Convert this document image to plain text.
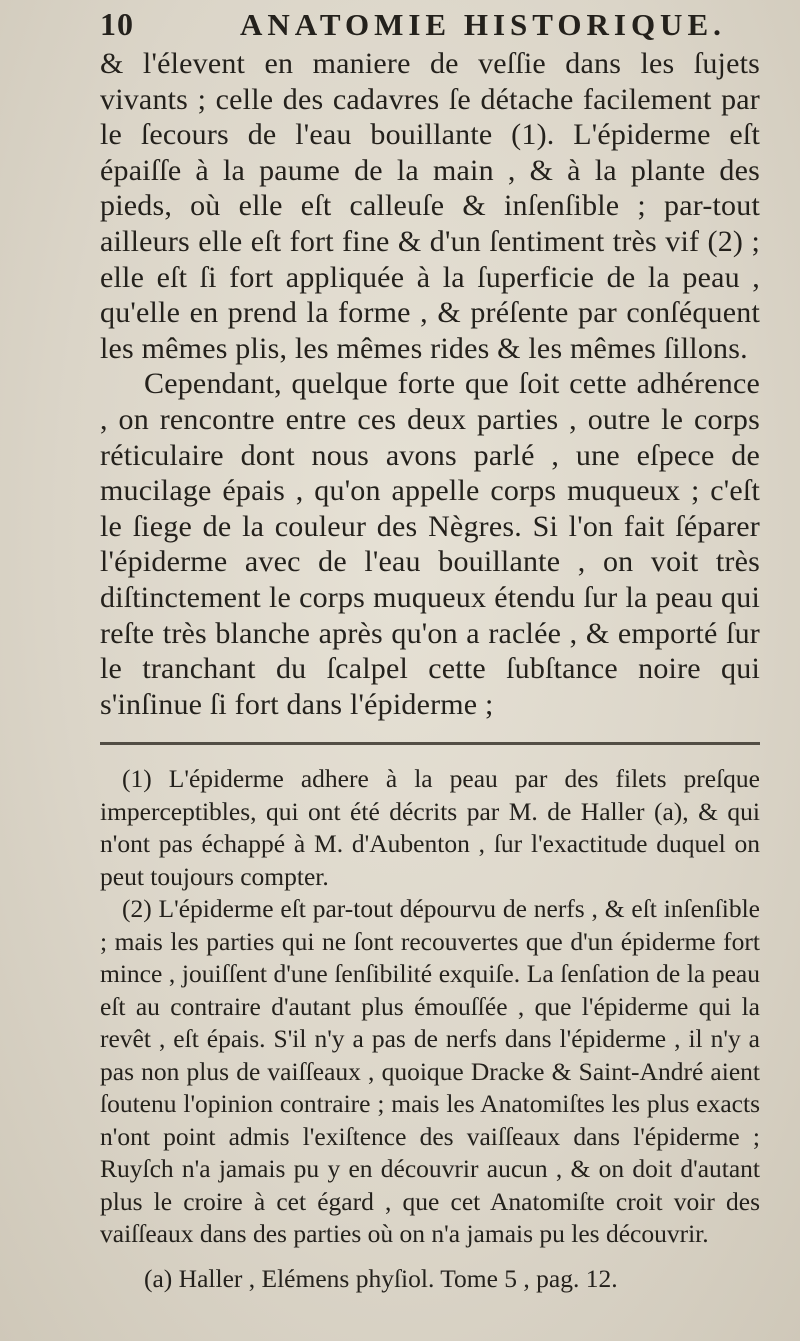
10	ANATOMIE HISTORIQUE.

& l'élevent en maniere de veſſie dans les ſujets vivants ; celle des cadavres ſe détache facilement par le ſecours de l'eau bouillante (1). L'épiderme eſt épaiſſe à la paume de la main , & à la plante des pieds, où elle eſt calleuſe & inſenſible ; par-tout ailleurs elle eſt fort fine & d'un ſentiment très vif (2) ; elle eſt ſi fort appliquée à la ſuperficie de la peau , qu'elle en prend la forme , & préſente par conſéquent les mêmes plis, les mêmes rides & les mêmes ſillons.

Cependant, quelque forte que ſoit cette adhérence , on rencontre entre ces deux parties , outre le corps réticulaire dont nous avons parlé , une eſpece de mucilage épais , qu'on appelle corps muqueux ; c'eſt le ſiege de la couleur des Nègres. Si l'on fait ſéparer l'épiderme avec de l'eau bouillante , on voit très diſtinctement le corps muqueux étendu ſur la peau qui reſte très blanche après qu'on a raclée , & emporté ſur le tranchant du ſcalpel cette ſubſtance noire qui s'inſinue ſi fort dans l'épiderme ;

(1) L'épiderme adhere à la peau par des filets preſque imperceptibles, qui ont été décrits par M. de Haller (a), & qui n'ont pas échappé à M. d'Aubenton , ſur l'exactitude duquel on peut toujours compter.

(2) L'épiderme eſt par-tout dépourvu de nerfs , & eſt inſenſible ; mais les parties qui ne ſont recouvertes que d'un épiderme fort mince , jouiſſent d'une ſenſibilité exquiſe. La ſenſation de la peau eſt au contraire d'autant plus émouſſée , que l'épiderme qui la revêt , eſt épais. S'il n'y a pas de nerfs dans l'épiderme , il n'y a pas non plus de vaiſſeaux , quoique Dracke & Saint-André aient ſoutenu l'opinion contraire ; mais les Anatomiſtes les plus exacts n'ont point admis l'exiſtence des vaiſſeaux dans l'épiderme ; Ruyſch n'a jamais pu y en découvrir aucun , & on doit d'autant plus le croire à cet égard , que cet Anatomiſte croit voir des vaiſſeaux dans des parties où on n'a jamais pu les découvrir.

(a) Haller , Elémens phyſiol. Tome 5 , pag. 12.
